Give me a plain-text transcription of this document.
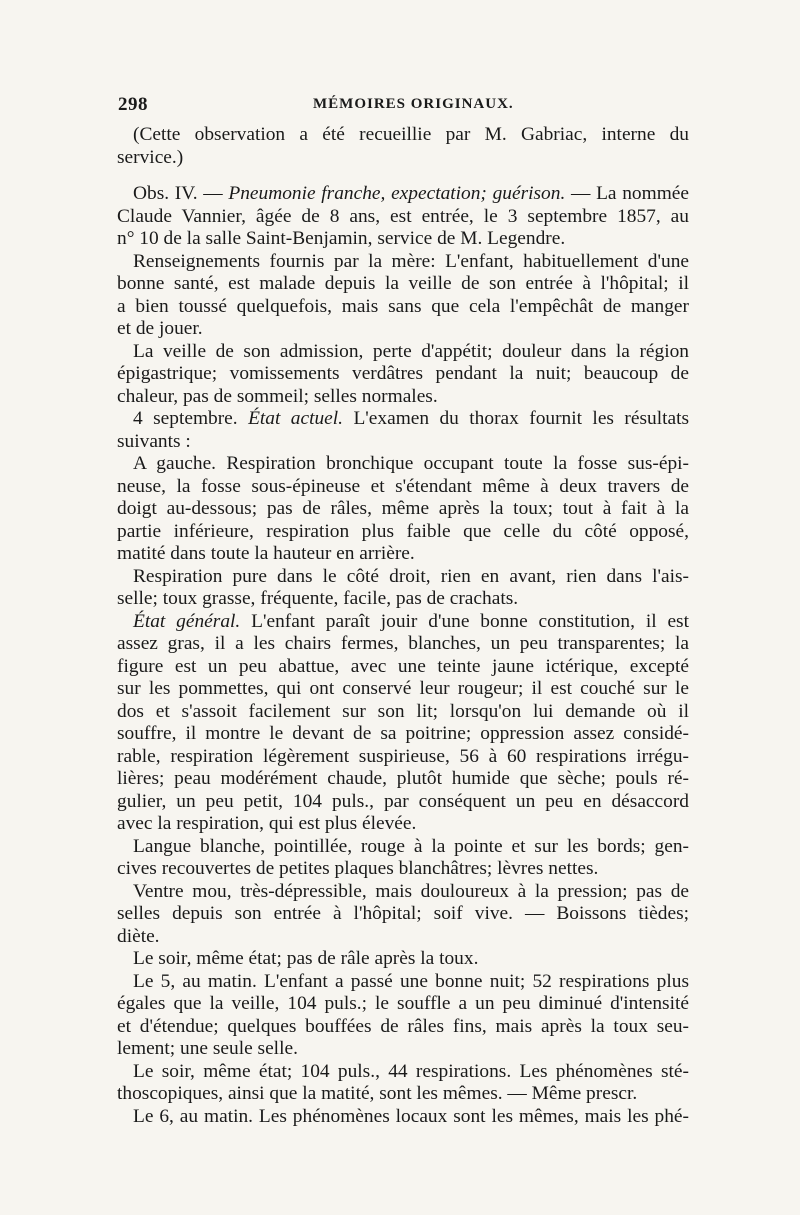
298	MÉMOIRES ORIGINAUX.
(Cette observation a été recueillie par M. Gabriac, interne du
service.)
Obs. IV. — Pneumonie franche, expectation; guérison. — La nommée
Claude Vannier, âgée de 8 ans, est entrée, le 3 septembre 1857, au
n° 10 de la salle Saint-Benjamin, service de M. Legendre.
Renseignements fournis par la mère: L'enfant, habituellement d'une
bonne santé, est malade depuis la veille de son entrée à l'hôpital; il
a bien toussé quelquefois, mais sans que cela l'empêchât de manger
et de jouer.
La veille de son admission, perte d'appétit; douleur dans la région
épigastrique; vomissements verdâtres pendant la nuit; beaucoup de
chaleur, pas de sommeil; selles normales.
4 septembre. État actuel. L'examen du thorax fournit les résultats
suivants :
A gauche. Respiration bronchique occupant toute la fosse sus-épi-
neuse, la fosse sous-épineuse et s'étendant même à deux travers de
doigt au-dessous; pas de râles, même après la toux; tout à fait à la
partie inférieure, respiration plus faible que celle du côté opposé,
matité dans toute la hauteur en arrière.
Respiration pure dans le côté droit, rien en avant, rien dans l'ais-
selle; toux grasse, fréquente, facile, pas de crachats.
État général. L'enfant paraît jouir d'une bonne constitution, il est
assez gras, il a les chairs fermes, blanches, un peu transparentes; la
figure est un peu abattue, avec une teinte jaune ictérique, excepté
sur les pommettes, qui ont conservé leur rougeur; il est couché sur le
dos et s'assoit facilement sur son lit; lorsqu'on lui demande où il
souffre, il montre le devant de sa poitrine; oppression assez considé-
rable, respiration légèrement suspirieuse, 56 à 60 respirations irrégu-
lières; peau modérément chaude, plutôt humide que sèche; pouls ré-
gulier, un peu petit, 104 puls., par conséquent un peu en désaccord
avec la respiration, qui est plus élevée.
Langue blanche, pointillée, rouge à la pointe et sur les bords; gen-
cives recouvertes de petites plaques blanchâtres; lèvres nettes.
Ventre mou, très-dépressible, mais douloureux à la pression; pas de
selles depuis son entrée à l'hôpital; soif vive. — Boissons tièdes;
diète.
Le soir, même état; pas de râle après la toux.
Le 5, au matin. L'enfant a passé une bonne nuit; 52 respirations plus
égales que la veille, 104 puls.; le souffle a un peu diminué d'intensité
et d'étendue; quelques bouffées de râles fins, mais après la toux seu-
lement; une seule selle.
Le soir, même état; 104 puls., 44 respirations. Les phénomènes sté-
thoscopiques, ainsi que la matité, sont les mêmes. — Même prescr.
Le 6, au matin. Les phénomènes locaux sont les mêmes, mais les phé-
